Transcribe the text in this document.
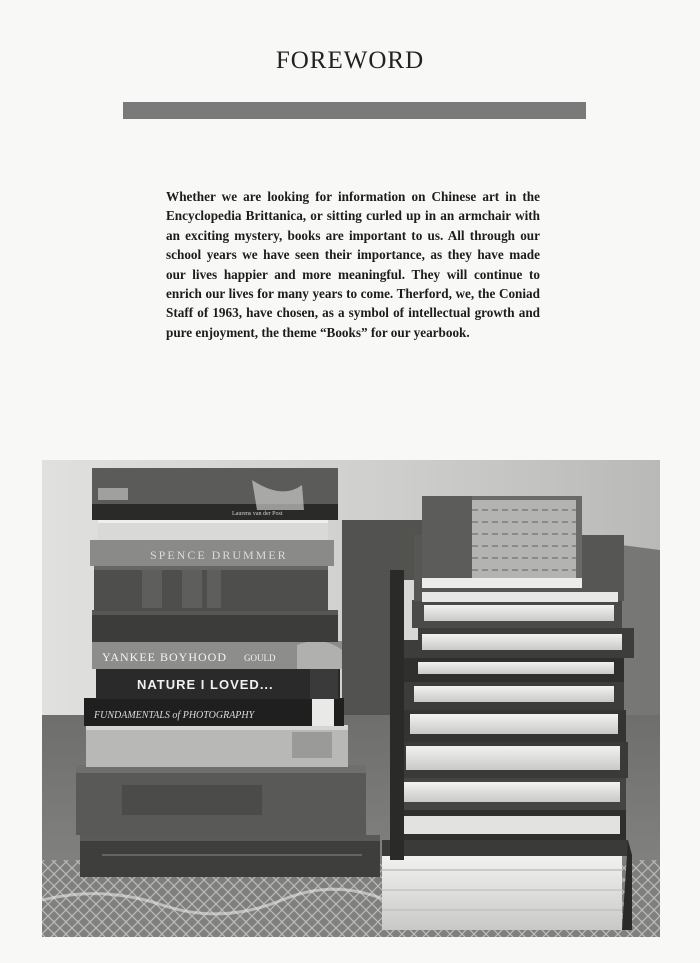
FOREWORD
Whether we are looking for information on Chinese art in the Encyclopedia Brittanica, or sitting curled up in an armchair with an exciting mystery, books are important to us. All through our school years we have seen their importance, as they have made our lives happier and more meaningful. They will continue to enrich our lives for many years to come. Therford, we, the Coniad Staff of 1963, have chosen, as a symbol of intellectual growth and pure enjoyment, the theme “Books” for our yearbook.
FUNDAMENTALS of PHOTOGRAPHY
NATURE I LOVED...
YANKEE BOYHOOD GOULD
SPENCE DRUMMER
Laurens van der Post
